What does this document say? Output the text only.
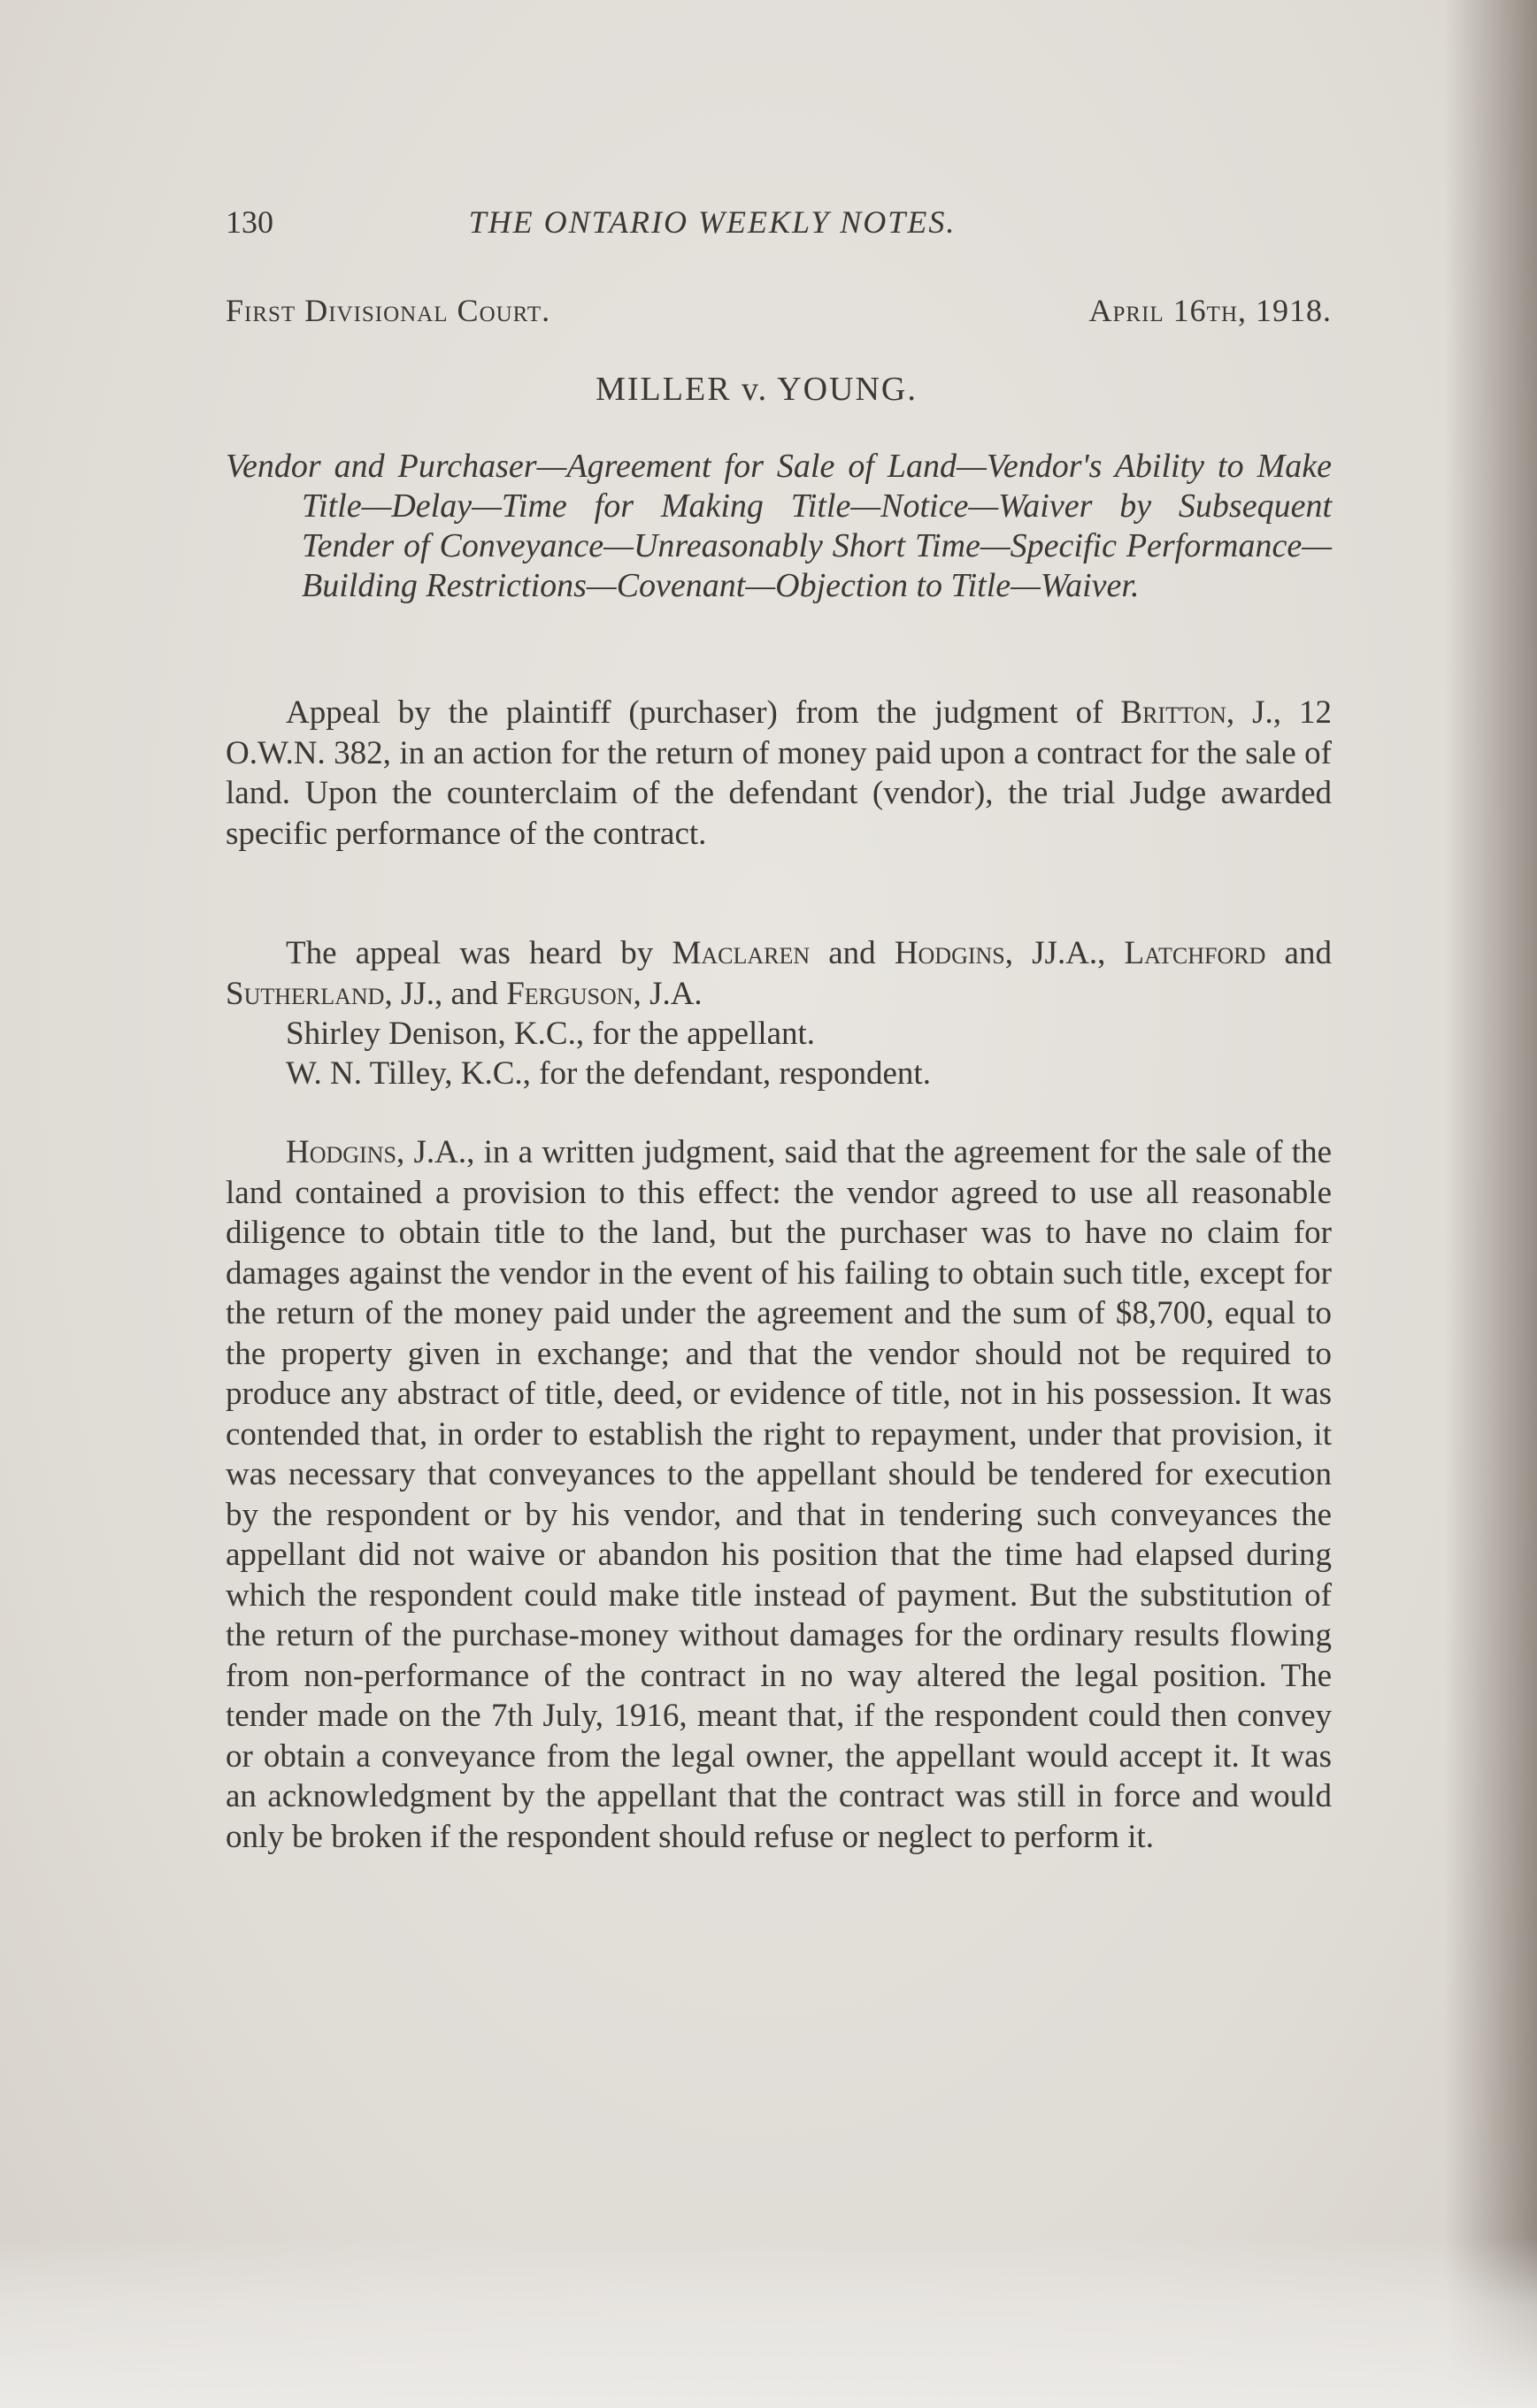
130	THE ONTARIO WEEKLY NOTES.
First Divisional Court.	April 16th, 1918.
MILLER v. YOUNG.
Vendor and Purchaser—Agreement for Sale of Land—Vendor's Ability to Make Title—Delay—Time for Making Title—Notice—Waiver by Subsequent Tender of Conveyance—Unreasonably Short Time—Specific Performance—Building Restrictions—Covenant—Objection to Title—Waiver.

Appeal by the plaintiff (purchaser) from the judgment of Britton, J., 12 O.W.N. 382, in an action for the return of money paid upon a contract for the sale of land. Upon the counterclaim of the defendant (vendor), the trial Judge awarded specific performance of the contract.

The appeal was heard by Maclaren and Hodgins, JJ.A., Latchford and Sutherland, JJ., and Ferguson, J.A.

Shirley Denison, K.C., for the appellant.

W. N. Tilley, K.C., for the defendant, respondent.

Hodgins, J.A., in a written judgment, said that the agreement for the sale of the land contained a provision to this effect: the vendor agreed to use all reasonable diligence to obtain title to the land, but the purchaser was to have no claim for damages against the vendor in the event of his failing to obtain such title, except for the return of the money paid under the agreement and the sum of $8,700, equal to the property given in exchange; and that the vendor should not be required to produce any abstract of title, deed, or evidence of title, not in his possession. It was contended that, in order to establish the right to repayment, under that provision, it was necessary that conveyances to the appellant should be tendered for execution by the respondent or by his vendor, and that in tendering such conveyances the appellant did not waive or abandon his position that the time had elapsed during which the respondent could make title instead of payment. But the substitution of the return of the purchase-money without damages for the ordinary results flowing from non-performance of the contract in no way altered the legal position. The tender made on the 7th July, 1916, meant that, if the respondent could then convey or obtain a conveyance from the legal owner, the appellant would accept it. It was an acknowledgment by the appellant that the contract was still in force and would only be broken if the respondent should refuse or neglect to perform it.
